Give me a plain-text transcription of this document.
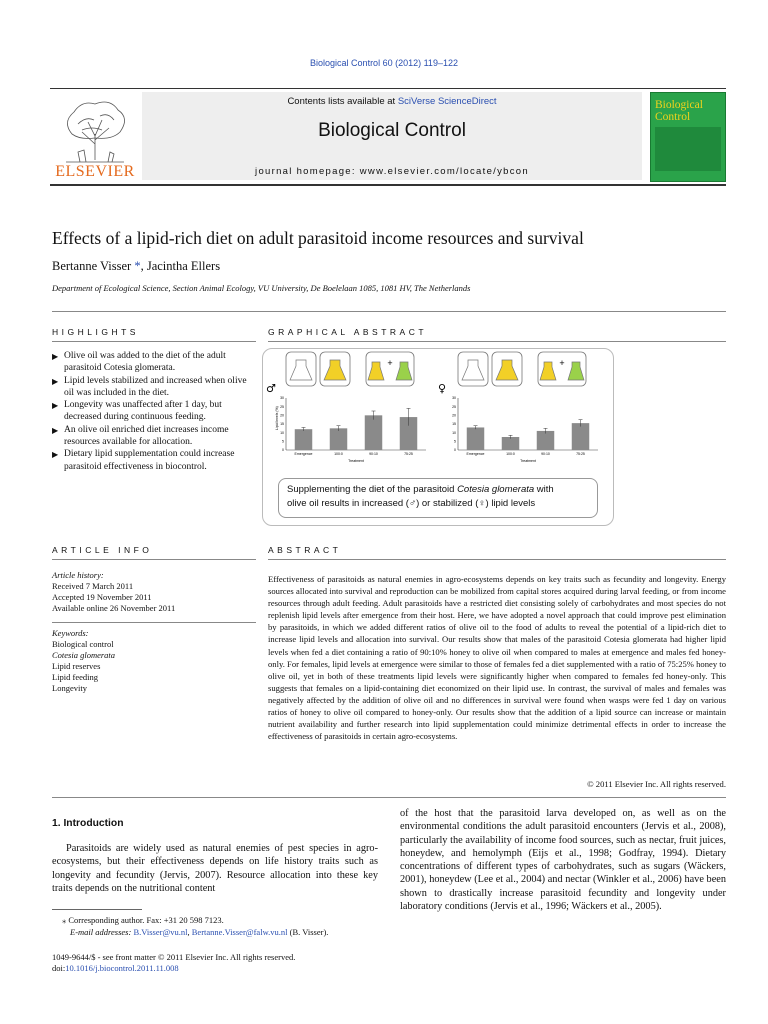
Biological Control 60 (2012) 119–122
ELSEVIER
Contents lists available at SciVerse ScienceDirect
Biological Control
journal homepage: www.elsevier.com/locate/ybcon
Biological Control
Effects of a lipid-rich diet on adult parasitoid income resources and survival
Bertanne Visser *, Jacintha Ellers
Department of Ecological Science, Section Animal Ecology, VU University, De Boelelaan 1085, 1081 HV, The Netherlands
HIGHLIGHTS
▶ Olive oil was added to the diet of the adult parasitoid Cotesia glomerata.
▶ Lipid levels stabilized and increased when olive oil was included in the diet.
▶ Longevity was unaffected after 1 day, but decreased during continuous feeding.
▶ An olive oil enriched diet increases income resources available for allocation.
▶ Dietary lipid supplementation could increase parasitoid effectiveness in biocontrol.
GRAPHICAL ABSTRACT
+
♂
Lipid levels (%)
0
5
10
15
20
25
30
Emergence	100:0	90:10	75:25
Treatment
+
♀
0
5
10
15
20
25
30
Emergence	100:0	90:10	75:25
Treatment
Supplementing the diet of the parasitoid Cotesia glomerata with
olive oil results in increased (♂) or stabilized (♀) lipid levels
ARTICLE INFO
Article history:
Received 7 March 2011
Accepted 19 November 2011
Available online 26 November 2011
Keywords:
Biological control
Cotesia glomerata
Lipid reserves
Lipid feeding
Longevity
ABSTRACT
Effectiveness of parasitoids as natural enemies in agro-ecosystems depends on key traits such as fecundity and longevity. Energy sources allocated into survival and reproduction can be mobilized from capital stores acquired during larval feeding, or from income resources through adult feeding. Adult parasitoids have a restricted diet consisting solely of carbohydrates and most species do not replenish lipid levels after emergence from their host. Here, we have adopted a novel approach that could improve pest elimination by parasitoids, in which we added different ratios of olive oil to the food of adults to reveal the potential of a lipid-rich diet to increase lipid levels and allocation into survival. Our results show that males of the parasitoid Cotesia glomerata had higher lipid levels when fed a diet containing a ratio of 90:10% honey to olive oil when compared to males at emergence and males fed honey-only. For females, lipid levels at emergence were similar to those of females fed a diet supplemented with a ratio of 75:25% honey to olive oil, yet in both of these treatments lipid levels were significantly higher when compared to females fed honey-only. This suggests that females on a lipid-containing diet economized on their lipid use. In contrast, the survival of males and females was negatively affected by the addition of olive oil and no differences in survival were found when wasps were fed 1 day on various ratios of honey to olive oil compared to honey-only. Our results show that the addition of a lipid source can increase or maintain nutrient availability and further research into lipid supplementation could minimize detrimental effects in order to increase the effectiveness of parasitoids in certain agro-ecosystems.
© 2011 Elsevier Inc. All rights reserved.
1. Introduction
Parasitoids are widely used as natural enemies of pest species in agro-ecosystems, but their effectiveness depends on life history traits such as longevity and fecundity (Jervis, 2007). Resource allocation into these key traits depends on the nutritional content
of the host that the parasitoid larva developed on, as well as on the environmental conditions the adult parasitoid encounters (Jervis et al., 2008), particularly the availability of income food sources, such as nectar, fruit juices, honeydew, and hemolymph (Eijs et al., 1998; Godfray, 1994). Dietary concentrations of different types of carbohydrates, such as sugars (Wäckers, 2001), honeydew (Lee et al., 2004) and nectar (Winkler et al., 2006) have been shown to drastically increase parasitoid fecundity and longevity under laboratory conditions (Jervis et al., 1996; Wäckers et al., 2005).
⁎ Corresponding author. Fax: +31 20 598 7123.
E-mail addresses: B.Visser@vu.nl, Bertanne.Visser@falw.vu.nl (B. Visser).
1049-9644/$ - see front matter © 2011 Elsevier Inc. All rights reserved.
doi:10.1016/j.biocontrol.2011.11.008
